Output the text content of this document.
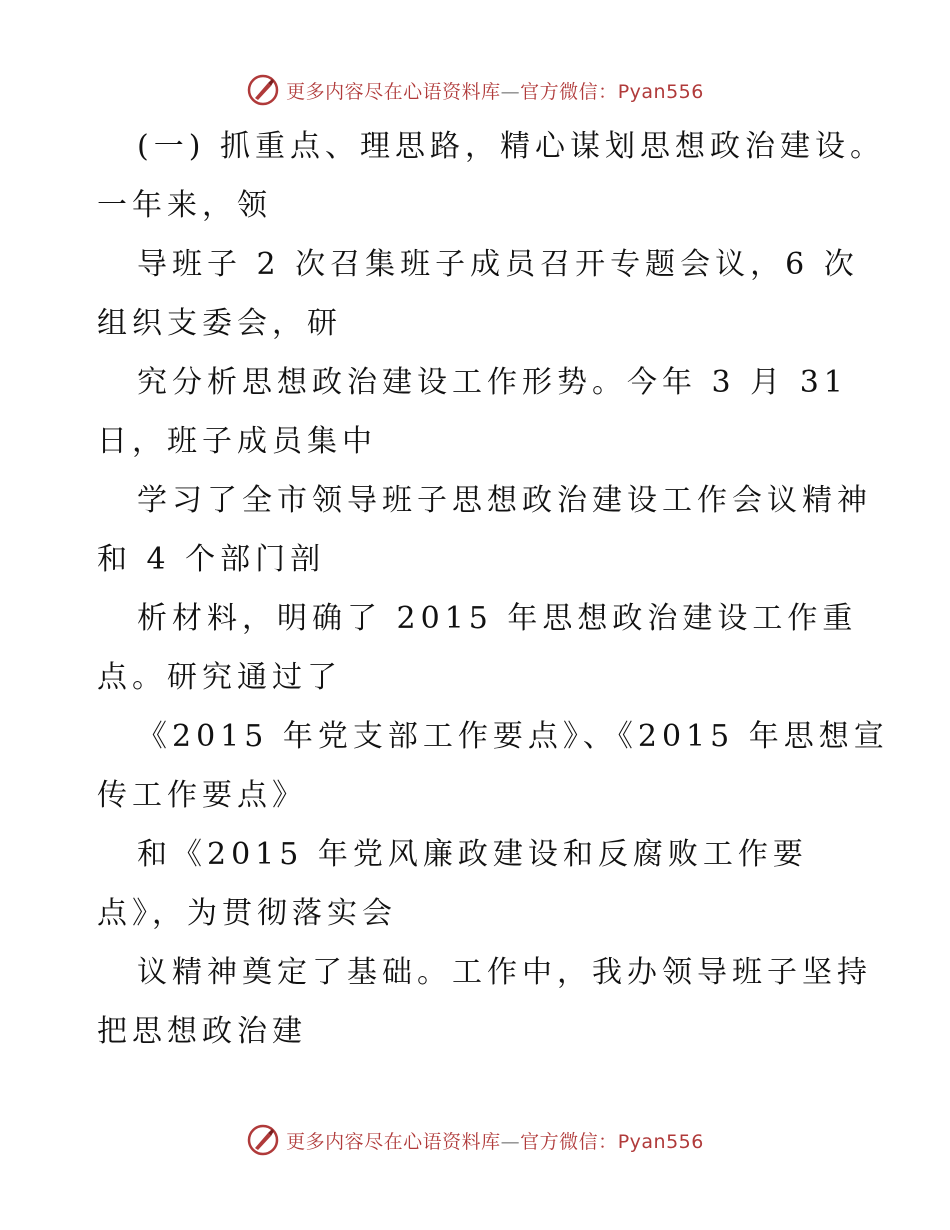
更多内容尽在心语资料库—官方微信：Pyan556
(一) 抓重点、理思路，精心谋划思想政治建设。
一年来，领
导班子 2 次召集班子成员召开专题会议，6 次
组织支委会，研
究分析思想政治建设工作形势。今年 3 月 31
日，班子成员集中
学习了全市领导班子思想政治建设工作会议精神
和 4 个部门剖
析材料，明确了 2015 年思想政治建设工作重
点。研究通过了
《2015 年党支部工作要点》、《2015 年思想宣
传工作要点》
和《2015 年党风廉政建设和反腐败工作要
点》，为贯彻落实会
议精神奠定了基础。工作中，我办领导班子坚持
把思想政治建
更多内容尽在心语资料库—官方微信：Pyan556
